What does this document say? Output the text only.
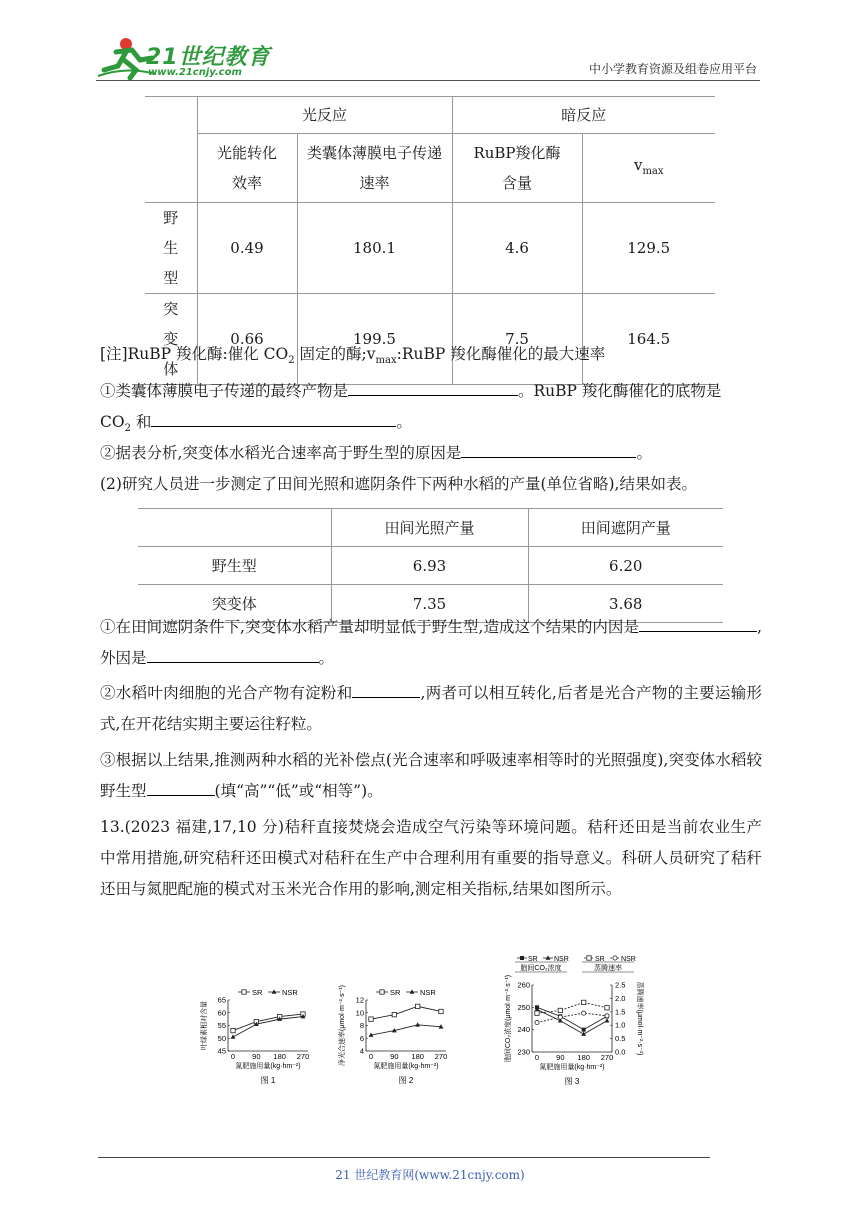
21世纪教育
www.21cnjy.com	中小学教育资源及组卷应用平台
	光反应		暗反应	
	光能转化效率	类囊体薄膜电子传递速率	RuBP羧化酶含量	$v_{max}$
野生型	0.49	180.1	4.6	129.5
突变体	0.66	199.5	7.5	164.5
[注]RuBP 羧化酶:催化 $CO_2$ 固定的酶$;v_{max}:RuBP$ 羧化酶催化的最大速率
①类囊体薄膜电子传递的最终产物是	。RuBP 羧化酶催化的底物是
$CO_2$ 和	。
②据表分析,突变体水稻光合速率高于野生型的原因是	。
(2)研究人员进一步测定了田间光照和遮阴条件下两种水稻的产量(单位省略),结果如表。
	田间光照产量	田间遮阴产量
野生型	6.93	6.20
突变体	7.35	3.68
①在田间遮阴条件下,突变体水稻产量却明显低于野生型,造成这个结果的内因是	,外因是	。
②水稻叶肉细胞的光合产物有淀粉和	,两者可以相互转化,后者是光合产物的主要运输形式,在开花结实期主要运往籽粒。
③根据以上结果,推测两种水稻的光补偿点(光合速率和呼吸速率相等时的光照强度),突变体水稻较野生型	(填“高”“低”或“相等”)。
13.(2023 福建,17,10 分)秸秆直接焚烧会造成空气污染等环境问题。秸秆还田是当前农业生产中常用措施,研究秸秆还田模式对秸秆在生产中合理利用有重要的指导意义。科研人员研究了秸秆还田与氮肥配施的模式对玉米光合作用的影响,测定相关指标,结果如图所示。
45
50
55
60
65
0 90 180 270
氮肥施用量(kg·hm⁻²)
图 1
叶绿素相对含量
SR	NSR
4
6
8
10
12
0 90 180 270
氮肥施用量(kg·hm⁻²)
图 2
净光合速率(μmol·m⁻²·s⁻¹)	SR	NSR
230
240
250
260
0 90 180 270
氮肥施用量(kg·hm⁻²)
图 3
胞间CO₂浓度(μmol·m⁻²·s⁻¹)	0.0
0.5
1.0
1.5
2.0
2.5 蒸腾速率(μmol·m⁻²·s⁻¹)
SR NSR
胞间CO₂浓度
SR NSR
蒸腾速率
21 世纪教育网(www.21cnjy.com)
